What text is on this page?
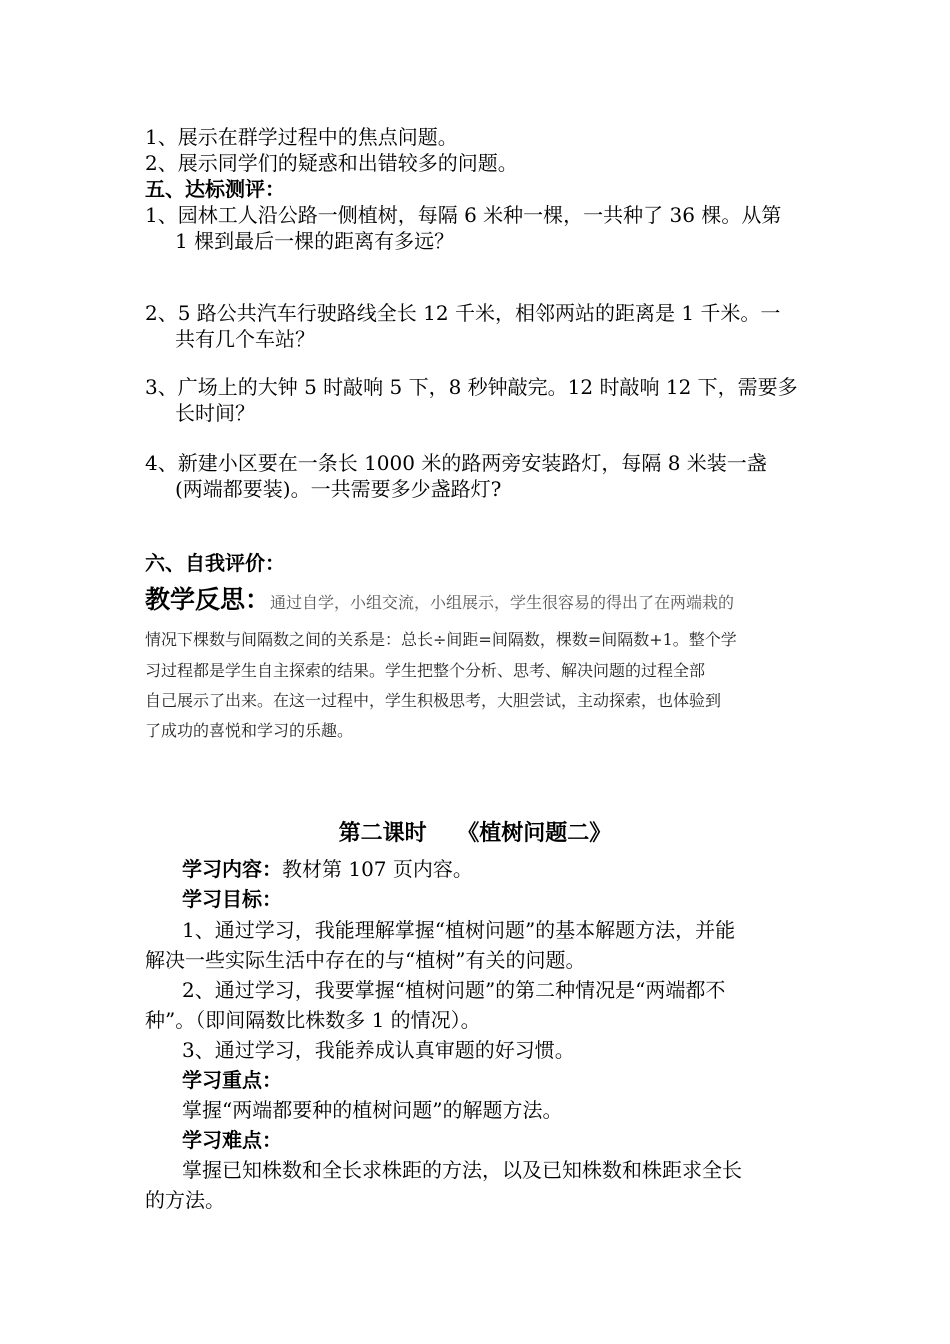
1、展示在群学过程中的焦点问题。
2、展示同学们的疑惑和出错较多的问题。
五、达标测评：
1、园林工人沿公路一侧植树，每隔 6 米种一棵，一共种了 36 棵。从第
1 棵到最后一棵的距离有多远？
2、5 路公共汽车行驶路线全长 12 千米，相邻两站的距离是 1 千米。一
共有几个车站？
3、广场上的大钟 5 时敲响 5 下，8 秒钟敲完。12 时敲响 12 下，需要多
长时间？
4、新建小区要在一条长 1000 米的路两旁安装路灯，每隔 8 米装一盏
(两端都要装)。一共需要多少盏路灯?
六、自我评价：
教学反思：通过自学，小组交流，小组展示，学生很容易的得出了在两端栽的
情况下棵数与间隔数之间的关系是：总长÷间距=间隔数，棵数=间隔数+1。整个学
习过程都是学生自主探索的结果。学生把整个分析、思考、解决问题的过程全部
自己展示了出来。在这一过程中，学生积极思考，大胆尝试，主动探索，也体验到
了成功的喜悦和学习的乐趣。
第二课时    《植树问题二》
学习内容：教材第 107 页内容。
学习目标：
1、通过学习，我能理解掌握“植树问题”的基本解题方法，并能
解决一些实际生活中存在的与“植树”有关的问题。
2、通过学习，我要掌握“植树问题”的第二种情况是“两端都不
种”。（即间隔数比株数多 1 的情况）。
3、通过学习，我能养成认真审题的好习惯。
学习重点：
掌握“两端都要种的植树问题”的解题方法。
学习难点：
掌握已知株数和全长求株距的方法，以及已知株数和株距求全长
的方法。
